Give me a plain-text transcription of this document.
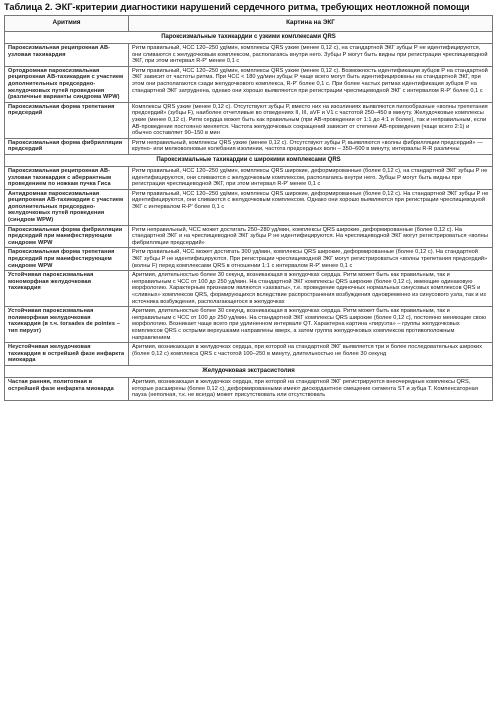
Таблица 2. ЭКГ-критерии диагностики нарушений сердечного ритма, требующих неотложной помощи
Аритмия	Картина на ЭКГ
Пароксизмальные тахикардии с узкими комплексами QRS	
Пароксизмальная реципрокная АВ-узловая тахикардия	Ритм правильный, ЧСС 120–250 уд/мин, комплексы QRS узкие (менее 0,12 с), на стандартной ЭКГ зубцы Р не идентифицируются, они сливаются с желудочковым комплексом, располагаясь внутри него. Зубцы Р могут быть видны при регистрации чреспищеводной ЭКГ, при этом интервал R-P' менее 0,1 с
Ортодромная пароксизмальная реципрокная АВ-тахикардия с участием дополнительных предсердно-желудочковых путей проведения (различные варианты синдрома WPW)	Ритм правильный, ЧСС 120–250 уд/мин, комплексы QRS узкие (менее 0,12 с). Возможность идентификации зубцов Р на стандартной ЭКГ зависит от частоты ритма. При ЧСС < 180 уд/мин зубцы Р чаще всего могут быть идентифицированы на стандартной ЭКГ, при этом они располагаются сзади желудочкового комплекса, R-P' более 0,1 с. При более частых ритмах идентификация зубцов Р на стандартной ЭКГ затруднена, однако они хорошо выявляются при регистрации чреспищеводной ЭКГ с интервалом R-P' более 0,1 с
Пароксизмальная форма трепетания предсердий	Комплексы QRS узкие (менее 0,12 с). Отсутствуют зубцы Р, вместо них на изоэлиниях выявляются пилообразные «волны трепетания предсердий» (зубцы F), наиболее отчетливые во отведениях II, III, aVF и V1 с частотой 250–450 в минуту. Желудочковые комплексы узкие (менее 0,12 с). Ритм сердца может быть как правильным (при АВ-проведении от 1:1 до 4:1 и более), так и неправильным, если АВ-проведение постоянно меняется. Частота желудочковых сокращений зависит от степени АВ-проведения (чаще всего 2:1) и обычно составляет 90–150 в мин
Пароксизмальная форма фибрилляции предсердий	Ритм неправильный, комплексы QRS узкие (менее 0,12 с). Отсутствуют зубцы Р, выявляются «волны фибрилляции предсердий» — крупно- или мелковолновые колебания изолинии, частота предсердных волн – 350–600 в минуту, интервалы R-R различны
Пароксизмальные тахикардии с широкими комплексами QRS	
Пароксизмальная реципрокная АВ-узловая тахикардия с аберрантным проведением по ножкам пучка Гиса	Ритм правильный, ЧСС 120–250 уд/мин, комплексы QRS широкие, деформированные (более 0,12 с), на стандартной ЭКГ зубцы Р не идентифицируются, они сливаются с желудочковым комплексом, располагаясь внутри него. Зубцы Р могут быть видны при регистрации чреспищеводной ЭКГ, при этом интервал R-P' менее 0,1 с
Антидромная пароксизмальная реципрокная АВ-тахикардия с участием дополнительных предсердно-желудочковых путей проведения (синдром WPW)	Ритм правильный, ЧСС 120–250 уд/мин, комплексы QRS широкие, деформированные (более 0,12 с). На стандартной ЭКГ зубцы Р не идентифицируются, они сливаются с желудочковым комплексом. Однако они хорошо выявляются при регистрации чреспищеводной ЭКГ с интервалом R-P' более 0,1 с
Пароксизмальная форма фибрилляции предсердий при манифестирующем синдроме WPW	Ритм неправильный, ЧСС может достигать 250–280 уд/мин, комплексы QRS широкие, деформированные (более 0,12 с). На стандартной ЭКГ и на чреспищеводной ЭКГ зубцы Р не идентифицируются. На чреспищеводной ЭКГ могут регистрироваться «волны фибрилляции предсердий»
Пароксизмальная форма трепетания предсердий при манифестирующем синдроме WPW	Ритм правильный, ЧСС может достигать 300 уд/мин, комплексы QRS широкие, деформированные (более 0,12 с). На стандартной ЭКГ зубцы Р не идентифицируются. При регистрации чреспищеводной ЭКГ могут регистрироваться «волны трепетания предсердий» (волны F) перед комплексами QRS в отношении 1:1 с интервалом R-P' менее 0,1 с
Устойчивая пароксизмальная мономорфная желудочковая тахикардия	Аритмия, длительностью более 30 секунд, возникающая в желудочках сердца. Ритм может быть как правильным, так и неправильным с ЧСС от 100 до 250 уд/мин. На стандартной ЭКГ комплексы QRS широкие (более 0,12 с), имеющие одинаковую морфологию. Характерным признаком являются «захваты», т.е. проведение одиночных нормальных синусовых комплексов QRS и «сливных» комплексов QRS, формирующихся вследствие распространения возбуждения одновременно из синусового узла, так и из источника возбуждения, располагающегося в желудочках
Устойчивая пароксизмальная полиморфная желудочковая тахикардия (в т.ч. torsades de pointes – тип пируэт)	Аритмия, длительностью более 30 секунд, возникающая в желудочках сердца. Ритм может быть как правильным, так и неправильным с ЧСС от 100 до 250 уд/мин. На стандартной ЭКГ комплексы QRS широкие (более 0,12 с), постоянно меняющие свою морфологию. Возникает чаще всего при удлиненном интервале QT. Характерна картина «пируэта» – группы желудочковых комплексов QRS с острыми верхушками направлены вверх, а затем группа желудочковых комплексов противоположным направлением
Неустойчивая желудочковая тахикардия в острейшей фазе инфаркта миокарда	Аритмия, возникающая в желудочках сердца, при которой на стандартной ЭКГ выявляется три и более последовательных широких (более 0,12 с) комплекса QRS с частотой 100–250 в минуту, длительностью не более 30 секунд
Желудочковая экстрасистолия	
Частая ранняя, политопная в острейшей фазе инфаркта миокарда	Аритмия, возникающая в желудочках сердца, при которой на стандартной ЭКГ регистрируются внеочередные комплексы QRS, которые расширены (более 0,12 с), деформированными имеют дискордантное смещение сегмента ST и зубца T. Компенсаторная пауза (неполная, т.к. не всегда) может присутствовать или отсутствовать
